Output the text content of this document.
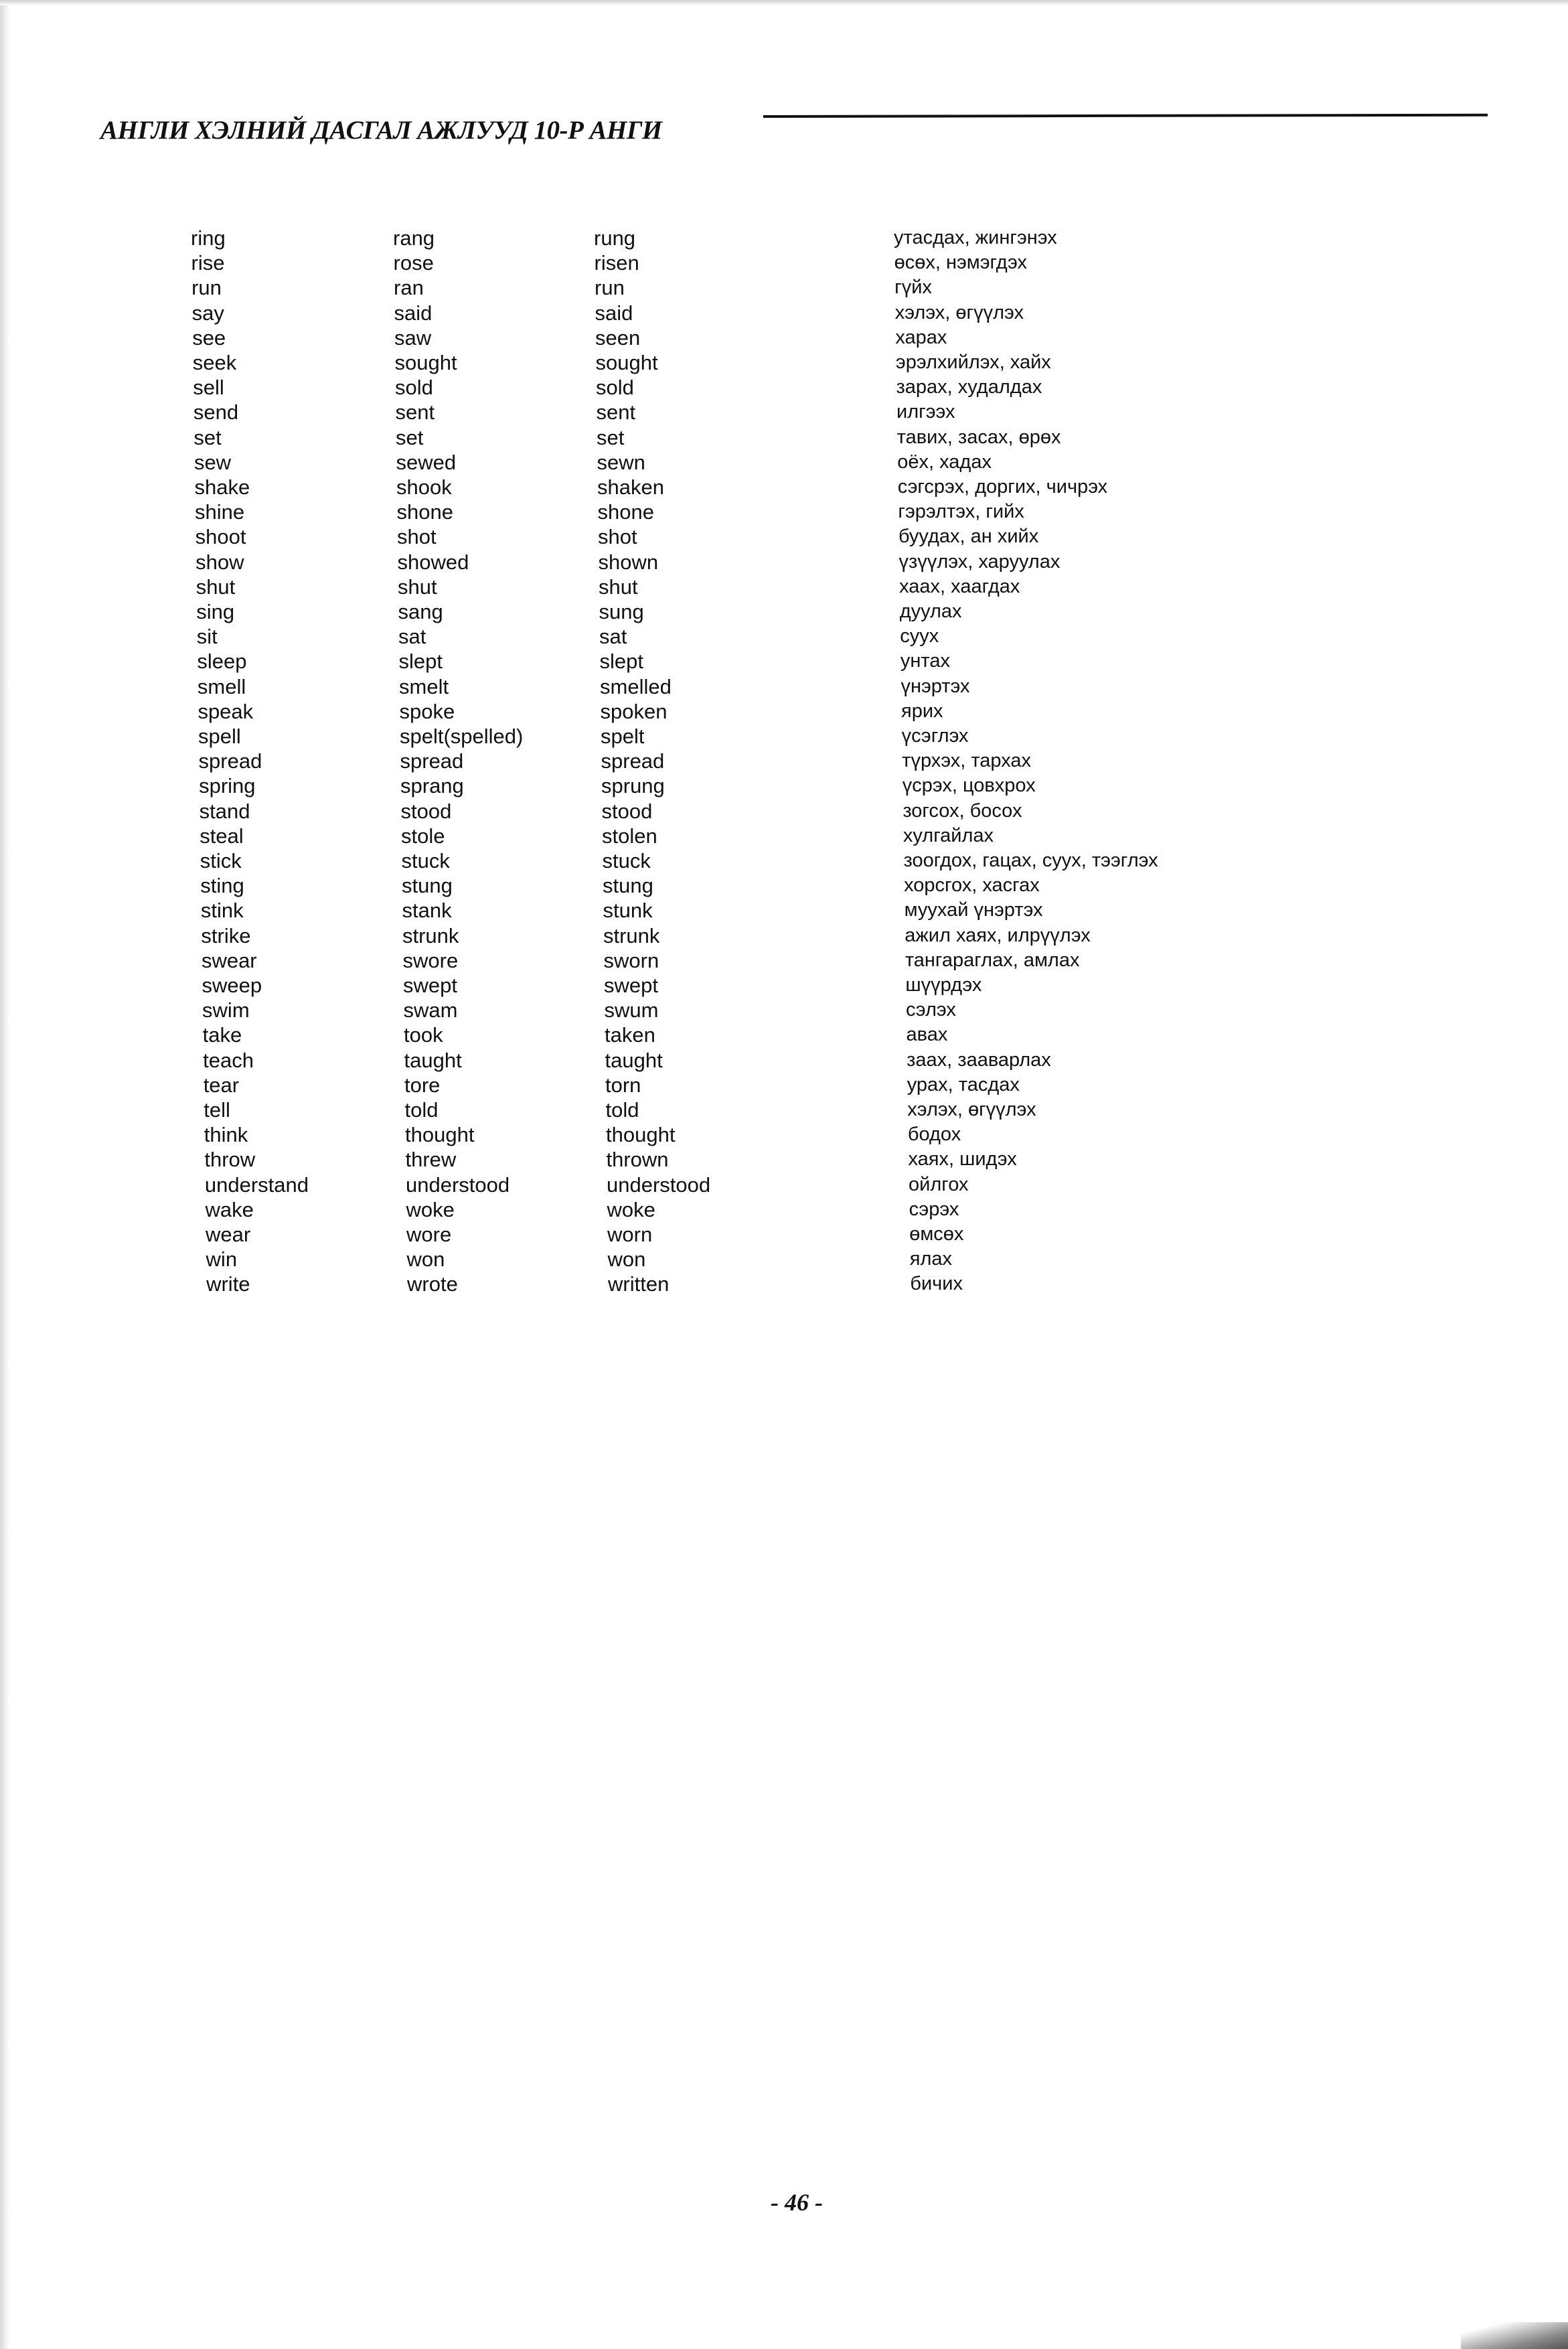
АНГЛИ ХЭЛНИЙ ДАСГАЛ АЖЛУУД 10-Р АНГИ
ring	rang	rung	утасдах, жингэнэх
rise	rose	risen	өсөх, нэмэгдэх
run	ran	run	гүйх
say	said	said	хэлэх, өгүүлэх
see	saw	seen	харах
seek	sought	sought	эрэлхийлэх, хайх
sell	sold	sold	зарах, худалдах
send	sent	sent	илгээх
set	set	set	тавих, засах, өрөх
sew	sewed	sewn	оёх, хадах
shake	shook	shaken	сэгсрэх, доргих, чичрэх
shine	shone	shone	гэрэлтэх, гийх
shoot	shot	shot	буудах, ан хийх
show	showed	shown	үзүүлэх, харуулах
shut	shut	shut	хаах, хаагдах
sing	sang	sung	дуулах
sit	sat	sat	суух
sleep	slept	slept	унтах
smell	smelt	smelled	үнэртэх
speak	spoke	spoken	ярих
spell	spelt(spelled)	spelt	үсэглэх
spread	spread	spread	түрхэх, тархах
spring	sprang	sprung	үсрэх, цовхрох
stand	stood	stood	зогсох, босох
steal	stole	stolen	хулгайлах
stick	stuck	stuck	зоогдох, гацах, суух, тээглэх
sting	stung	stung	хорсгох, хасгах
stink	stank	stunk	муухай үнэртэх
strike	strunk	strunk	ажил хаях, илрүүлэх
swear	swore	sworn	тангараглах, амлах
sweep	swept	swept	шүүрдэх
swim	swam	swum	сэлэх
take	took	taken	авах
teach	taught	taught	заах, зааварлах
tear	tore	torn	урах, тасдах
tell	told	told	хэлэх, өгүүлэх
think	thought	thought	бодох
throw	threw	thrown	хаях, шидэх
understand	understood	understood	ойлгох
wake	woke	woke	сэрэх
wear	wore	worn	өмсөх
win	won	won	ялах
write	wrote	written	бичих
- 46 -
